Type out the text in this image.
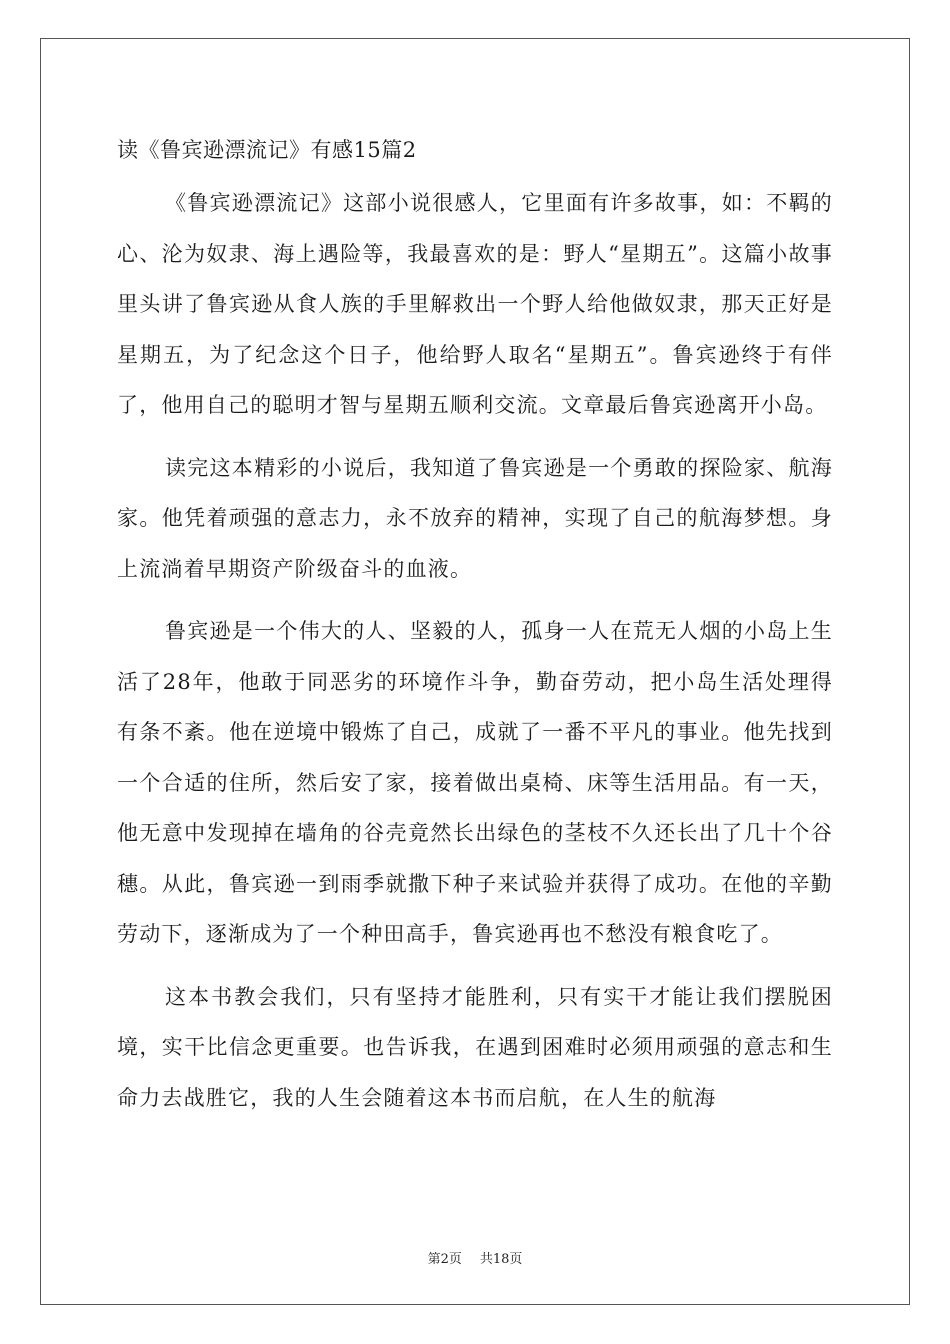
读《鲁宾逊漂流记》有感15篇2

《鲁宾逊漂流记》这部小说很感人，它里面有许多故事，如：不羁的心、沦为奴隶、海上遇险等，我最喜欢的是：野人“星期五”。这篇小故事里头讲了鲁宾逊从食人族的手里解救出一个野人给他做奴隶，那天正好是星期五，为了纪念这个日子，他给野人取名“星期五”。鲁宾逊终于有伴了，他用自己的聪明才智与星期五顺利交流。文章最后鲁宾逊离开小岛。

读完这本精彩的小说后，我知道了鲁宾逊是一个勇敢的探险家、航海家。他凭着顽强的意志力，永不放弃的精神，实现了自己的航海梦想。身上流淌着早期资产阶级奋斗的血液。

鲁宾逊是一个伟大的人、坚毅的人，孤身一人在荒无人烟的小岛上生活了28年，他敢于同恶劣的环境作斗争，勤奋劳动，把小岛生活处理得有条不紊。他在逆境中锻炼了自己，成就了一番不平凡的事业。他先找到一个合适的住所，然后安了家，接着做出桌椅、床等生活用品。有一天，他无意中发现掉在墙角的谷壳竟然长出绿色的茎枝不久还长出了几十个谷穗。从此，鲁宾逊一到雨季就撒下种子来试验并获得了成功。在他的辛勤劳动下，逐渐成为了一个种田高手，鲁宾逊再也不愁没有粮食吃了。

这本书教会我们，只有坚持才能胜利，只有实干才能让我们摆脱困境，实干比信念更重要。也告诉我，在遇到困难时必须用顽强的意志和生命力去战胜它，我的人生会随着这本书而启航，在人生的航海

第2页 共18页
